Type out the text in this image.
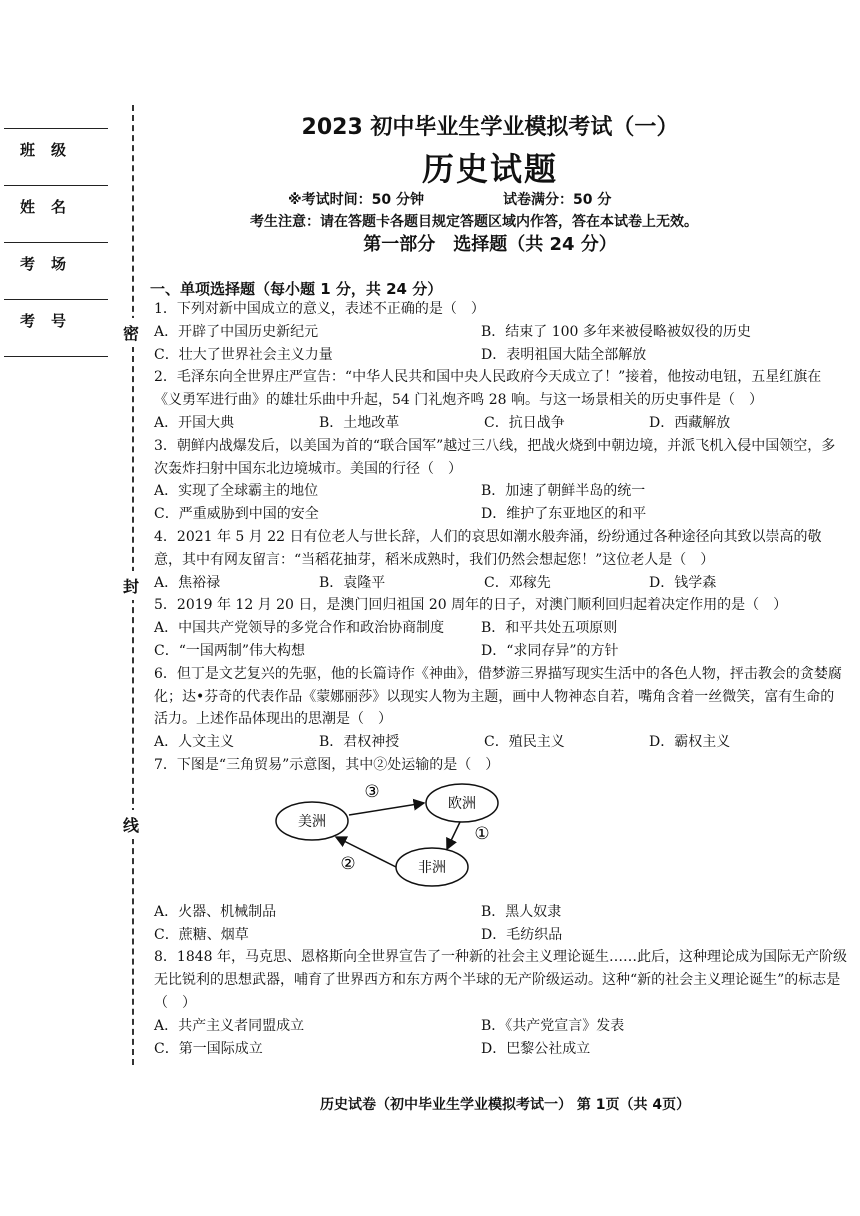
班级
姓名
考场
考号
密
封
线
2023 初中毕业生学业模拟考试（一）
历史试题
※考试时间：50 分钟	试卷满分：50 分
考生注意：请在答题卡各题目规定答题区域内作答，答在本试卷上无效。
第一部分　选择题（共 24 分）
一、单项选择题（每小题 1 分，共 24 分）

1．下列对新中国成立的意义，表述不正确的是（　）

A．开辟了中国历史新纪元	B．结束了 100 多年来被侵略被奴役的历史
C．壮大了世界社会主义力量	D．表明祖国大陆全部解放

2．毛泽东向全世界庄严宣告：“中华人民共和国中央人民政府今天成立了！”接着，他按动电钮，五星红旗在《义勇军进行曲》的雄壮乐曲中升起，54 门礼炮齐鸣 28 响。与这一场景相关的历史事件是（　）

A．开国大典	B．土地改革	C．抗日战争	D．西藏解放

3．朝鲜内战爆发后，以美国为首的“联合国军”越过三八线，把战火烧到中朝边境，并派飞机入侵中国领空，多次轰炸扫射中国东北边境城市。美国的行径（　）

A．实现了全球霸主的地位	B．加速了朝鲜半岛的统一
C．严重威胁到中国的安全	D．维护了东亚地区的和平

4．2021 年 5 月 22 日有位老人与世长辞，人们的哀思如潮水般奔涌，纷纷通过各种途径向其致以崇高的敬意，其中有网友留言：“当稻花抽芽，稻米成熟时，我们仍然会想起您！”这位老人是（　）

A．焦裕禄	B．袁隆平	C．邓稼先	D．钱学森

5．2019 年 12 月 20 日，是澳门回归祖国 20 周年的日子，对澳门顺利回归起着决定作用的是（　）

A．中国共产党领导的多党合作和政治协商制度	B．和平共处五项原则
C．“一国两制”伟大构想	D．“求同存异”的方针

6．但丁是文艺复兴的先驱，他的长篇诗作《神曲》，借梦游三界描写现实生活中的各色人物，抨击教会的贪婪腐化；达•芬奇的代表作品《蒙娜丽莎》以现实人物为主题，画中人物神态自若，嘴角含着一丝微笑，富有生命的活力。上述作品体现出的思潮是（　）

A．人文主义	B．君权神授	C．殖民主义	D．霸权主义

7．下图是“三角贸易”示意图，其中②处运输的是（　）

美洲
欧洲
非洲
③
①
②
A．火器、机械制品	B．黑人奴隶
C．蔗糖、烟草	D．毛纺织品

8．1848 年，马克思、恩格斯向全世界宣告了一种新的社会主义理论诞生……此后，这种理论成为国际无产阶级无比锐利的思想武器，哺育了世界西方和东方两个半球的无产阶级运动。这种“新的社会主义理论诞生”的标志是（　）

A．共产主义者同盟成立	B．《共产党宣言》发表
C．第一国际成立	D．巴黎公社成立
历史试卷（初中毕业生学业模拟考试一） 第 1页（共 4页）
